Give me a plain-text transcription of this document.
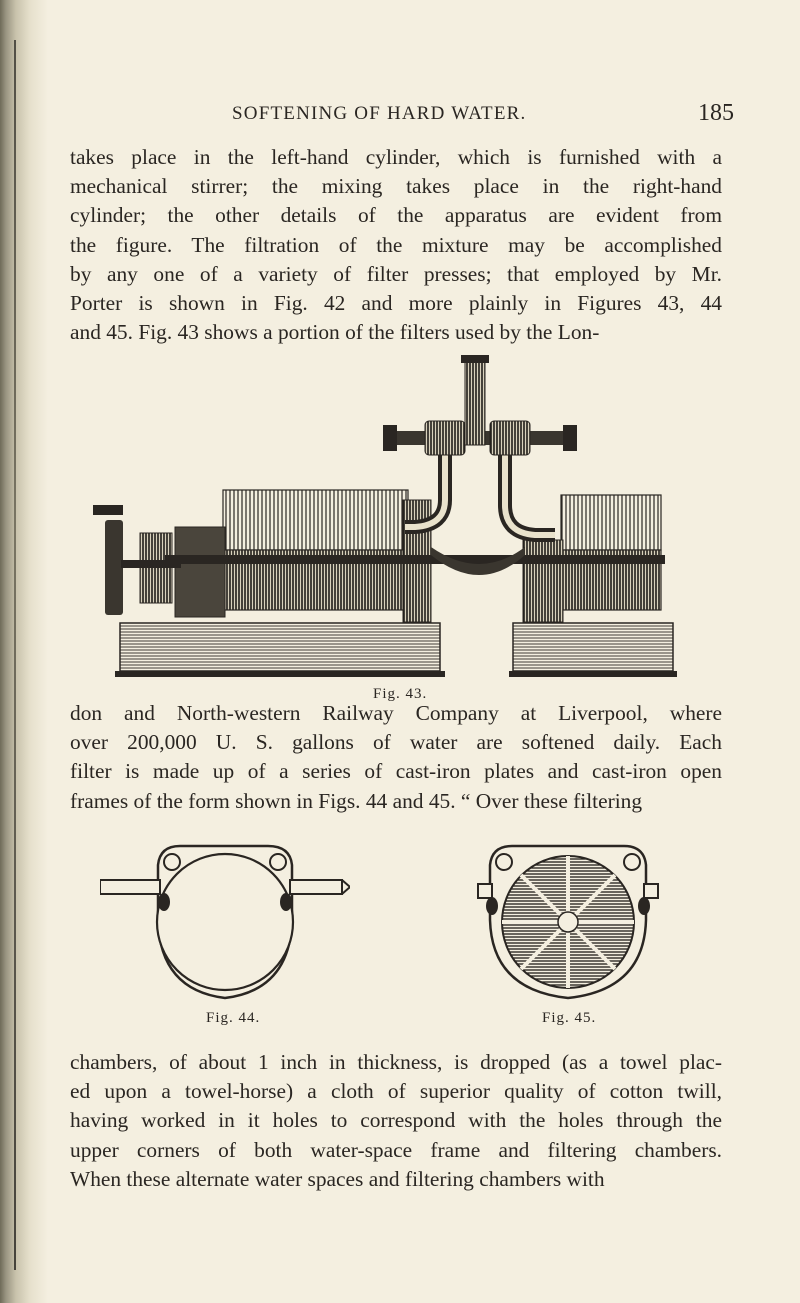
SOFTENING OF HARD WATER.	185

takes place in the left-hand cylinder, which is furnished with a
mechanical stirrer; the mixing takes place in the right-hand
cylinder; the other details of the apparatus are evident from
the figure. The filtration of the mixture may be accomplished
by any one of a variety of filter presses; that employed by Mr.
Porter is shown in Fig. 42 and more plainly in Figures 43, 44
and 45. Fig. 43 shows a portion of the filters used by the Lon-

Fig. 43.

don and North-western Railway Company at Liverpool, where
over 200,000 U. S. gallons of water are softened daily. Each
filter is made up of a series of cast-iron plates and cast-iron open
frames of the form shown in Figs. 44 and 45. “ Over these filtering

Fig. 44.	Fig. 45.

chambers, of about 1 inch in thickness, is dropped (as a towel plac-
ed upon a towel-horse) a cloth of superior quality of cotton twill,
having worked in it holes to correspond with the holes through the
upper corners of both water-space frame and filtering chambers.
When these alternate water spaces and filtering chambers with
